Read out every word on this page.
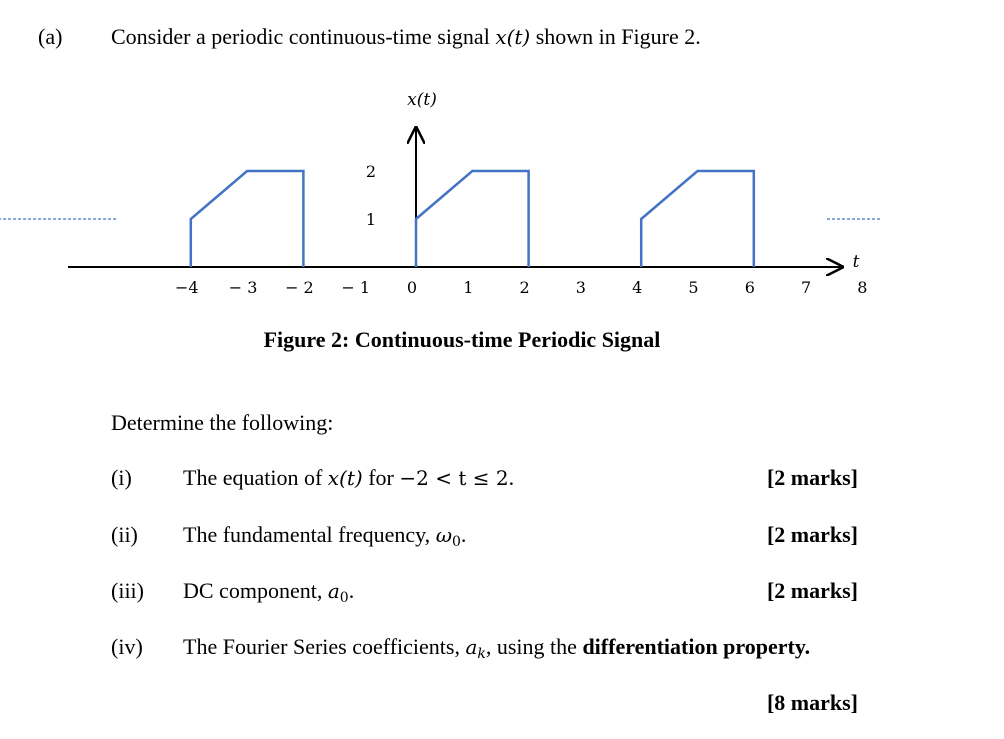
(a) Consider a periodic continuous-time signal x(t) shown in Figure 2.
−4 − 3 − 2 − 1 0	1	2	3	4	5	6	7	8
1
2
x(t)
t
Figure 2: Continuous-time Periodic Signal
Determine the following:
(i) The equation of x(t) for −2 < t ≤ 2.	[2 marks]
(ii) The fundamental frequency, ω0.	[2 marks]
(iii) DC component, a0.	[2 marks]
(iv) The Fourier Series coefficients, $a_k$, using the differentiation property.
[8 marks]
